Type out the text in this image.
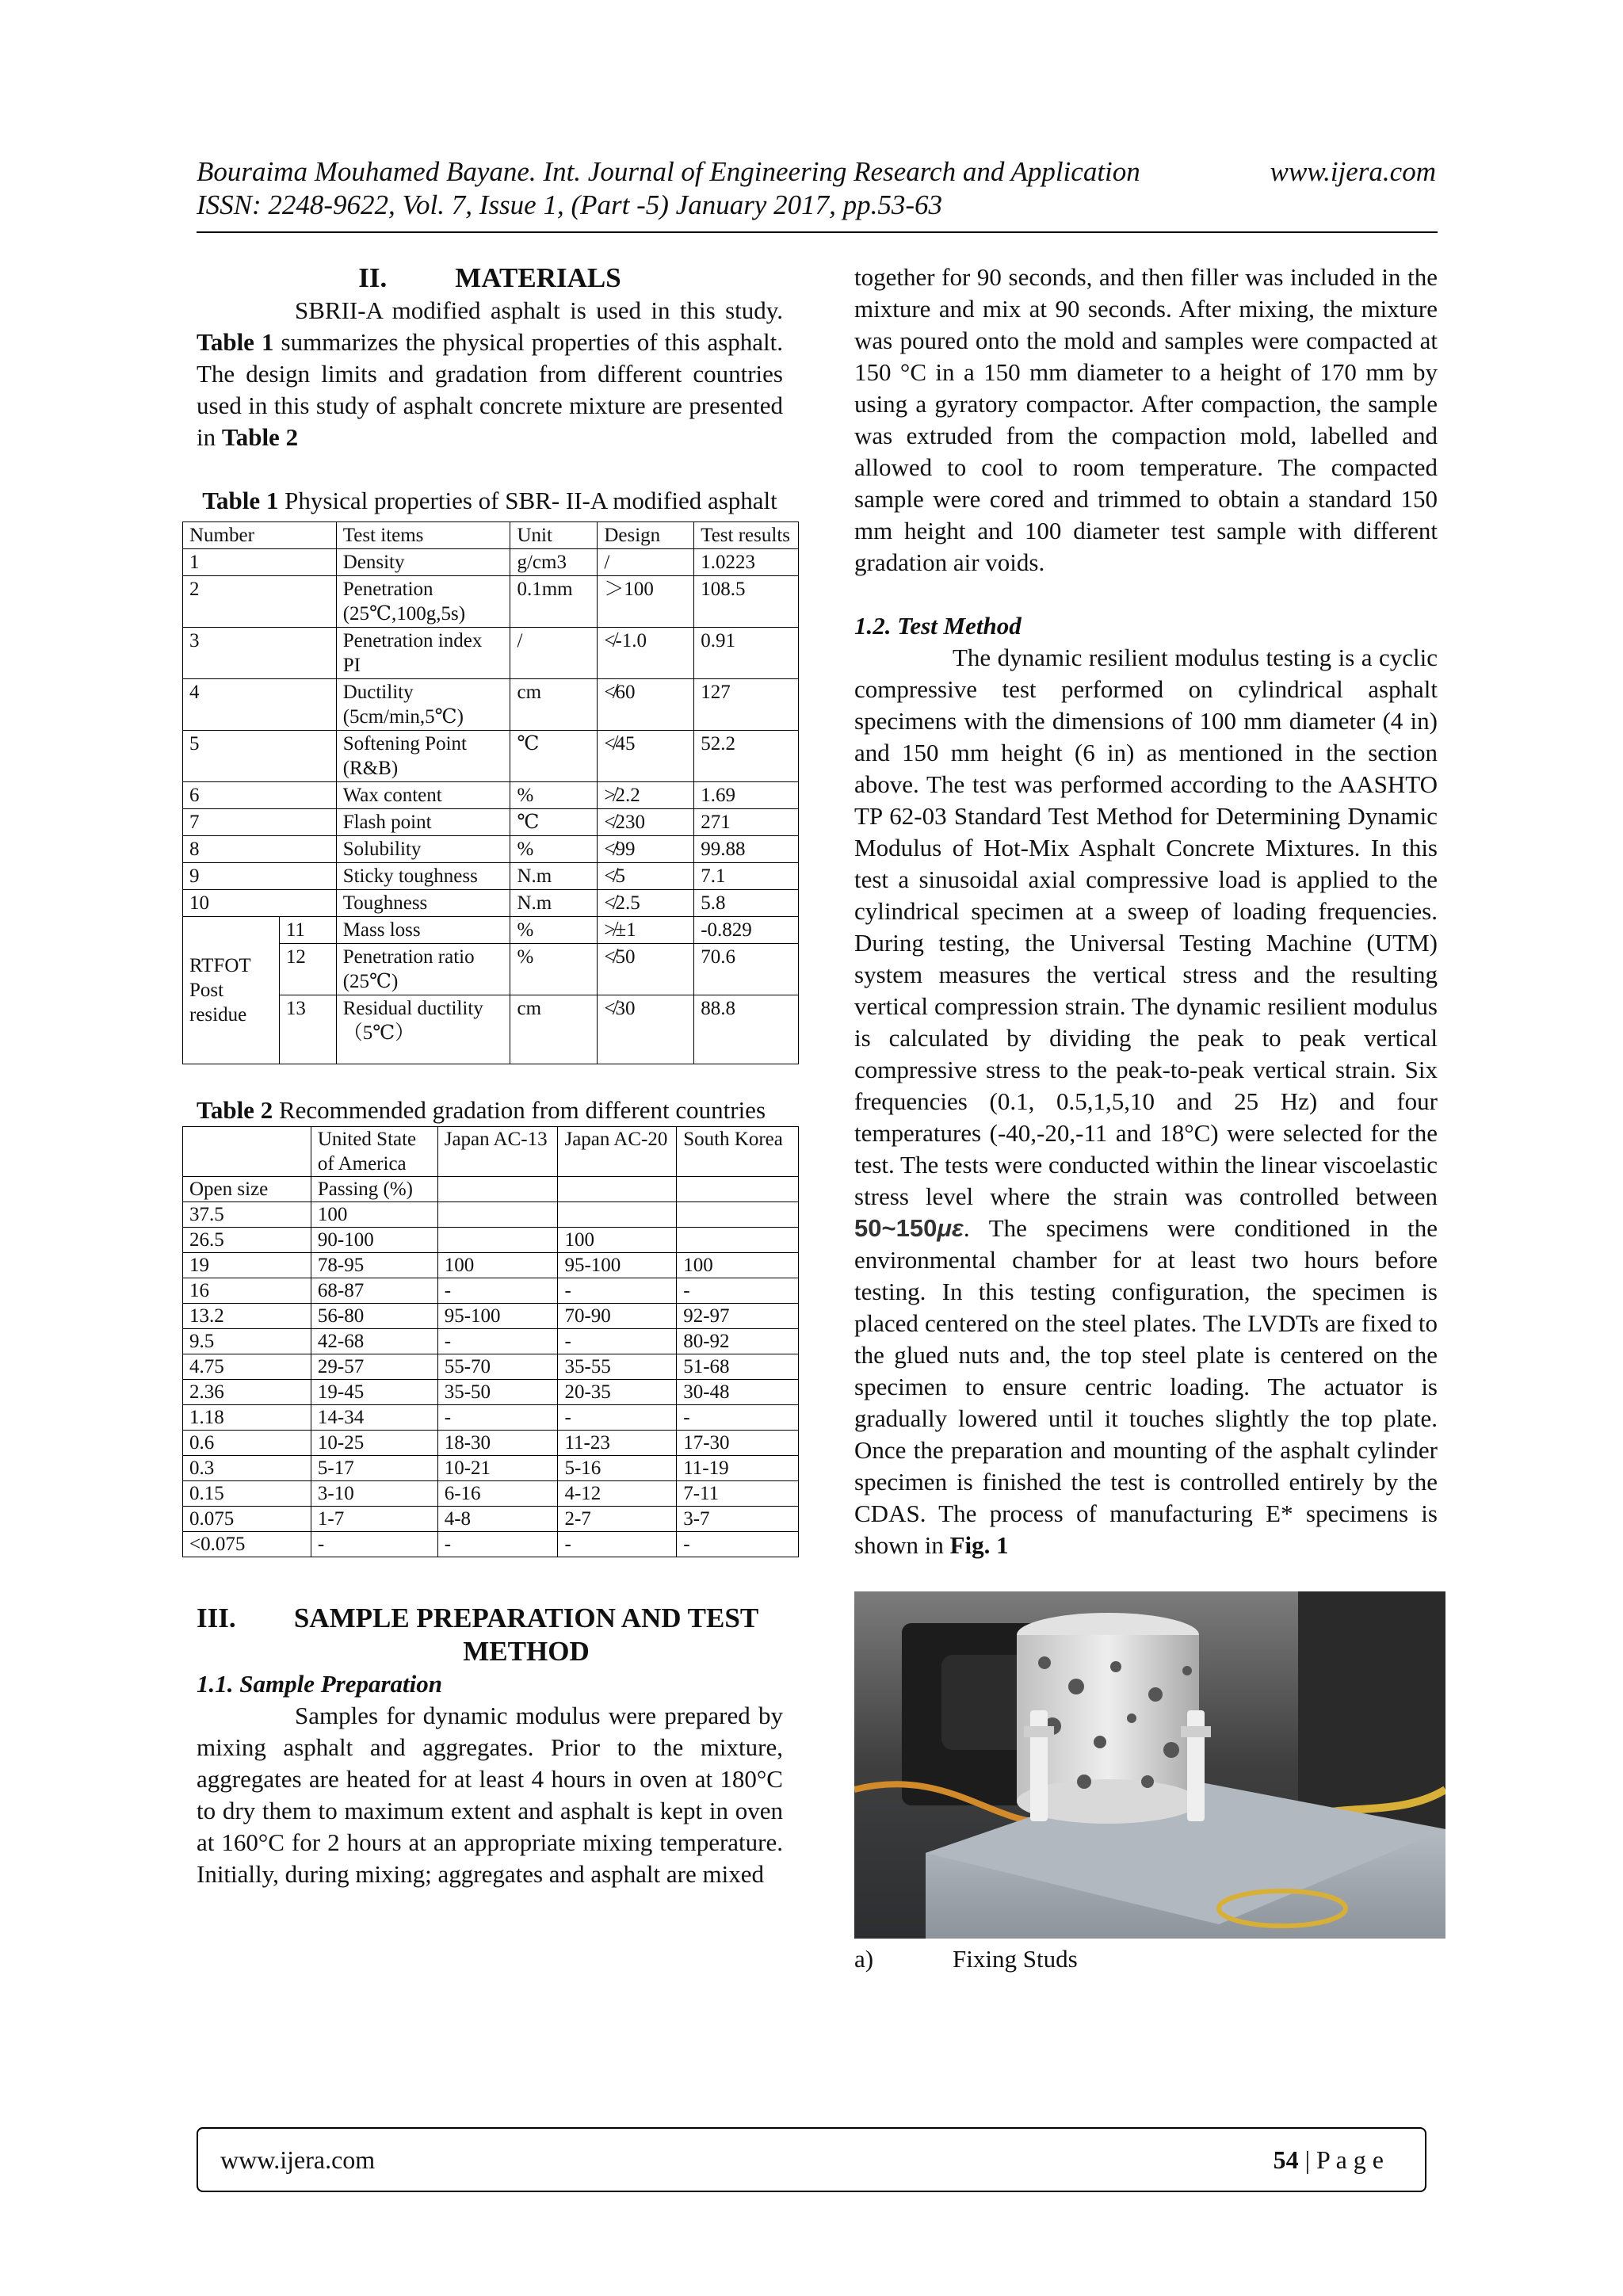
Bouraima Mouhamed Bayane. Int. Journal of Engineering Research and Application	www.ijera.com
ISSN: 2248-9622, Vol. 7, Issue 1, (Part -5) January 2017, pp.53-63

II. MATERIALS

SBRII-A modified asphalt is used in this study. Table 1 summarizes the physical properties of this asphalt. The design limits and gradation from different countries used in this study of asphalt concrete mixture are presented in Table 2

Table 1 Physical properties of SBR- II-A modified asphalt

Number		Test items	Unit	Design	Test results
1		Density	g/cm3	/	1.0223
2		Penetration (25℃,100g,5s)	0.1mm	＞100	108.5
3		Penetration index PI	/	≮-1.0	0.91
4		Ductility (5cm/min,5℃)	cm	≮60	127
5		Softening Point (R&B)	℃	≮45	52.2
6		Wax content	%	≯2.2	1.69
7		Flash point	℃	≮230	271
8		Solubility	%	≮99	99.88
9		Sticky toughness	N.m	≮5	7.1
10		Toughness	N.m	≮2.5	5.8
RTFOT Post residue	11	Mass loss	%	≯±1	-0.829
	12	Penetration ratio (25℃)	%	≮50	70.6
	13	Residual ductility （5℃）	cm	≮30	88.8

Table 2 Recommended gradation from different countries

	United State of America	Japan AC-13	Japan AC-20	South Korea
Open size	Passing (%)			
37.5	100			
26.5	90-100		100	
19	78-95	100	95-100	100
16	68-87	-	-	-
13.2	56-80	95-100	70-90	92-97
9.5	42-68	-	-	80-92
4.75	29-57	55-70	35-55	51-68
2.36	19-45	35-50	20-35	30-48
1.18	14-34	-	-	-
0.6	10-25	18-30	11-23	17-30
0.3	5-17	10-21	5-16	11-19
0.15	3-10	6-16	4-12	7-11
0.075	1-7	4-8	2-7	3-7
<0.075	-	-	-	-
III.	SAMPLE PREPARATION AND TEST METHOD

1.1. Sample Preparation

Samples for dynamic modulus were prepared by mixing asphalt and aggregates. Prior to the mixture, aggregates are heated for at least 4 hours in oven at 180°C to dry them to maximum extent and asphalt is kept in oven at 160°C for 2 hours at an appropriate mixing temperature. Initially, during mixing; aggregates and asphalt are mixed

together for 90 seconds, and then filler was included in the mixture and mix at 90 seconds. After mixing, the mixture was poured onto the mold and samples were compacted at 150 °C in a 150 mm diameter to a height of 170 mm by using a gyratory compactor. After compaction, the sample was extruded from the compaction mold, labelled and allowed to cool to room temperature. The compacted sample were cored and trimmed to obtain a standard 150 mm height and 100 diameter test sample with different gradation air voids.

1.2. Test Method

The dynamic resilient modulus testing is a cyclic compressive test performed on cylindrical asphalt specimens with the dimensions of 100 mm diameter (4 in) and 150 mm height (6 in) as mentioned in the section above. The test was performed according to the AASHTO TP 62-03 Standard Test Method for Determining Dynamic Modulus of Hot-Mix Asphalt Concrete Mixtures. In this test a sinusoidal axial compressive load is applied to the cylindrical specimen at a sweep of loading frequencies. During testing, the Universal Testing Machine (UTM) system measures the vertical stress and the resulting vertical compression strain. The dynamic resilient modulus is calculated by dividing the peak to peak vertical compressive stress to the peak-to-peak vertical strain. Six frequencies (0.1, 0.5,1,5,10 and 25 Hz) and four temperatures (-40,-20,-11 and 18°C) were selected for the test. The tests were conducted within the linear viscoelastic stress level where the strain was controlled between 50~150με. The specimens were conditioned in the environmental chamber for at least two hours before testing. In this testing configuration, the specimen is placed centered on the steel plates. The LVDTs are fixed to the glued nuts and, the top steel plate is centered on the specimen to ensure centric loading. The actuator is gradually lowered until it touches slightly the top plate. Once the preparation and mounting of the asphalt cylinder specimen is finished the test is controlled entirely by the CDAS. The process of manufacturing E* specimens is shown in Fig. 1

a)	Fixing Studs
www.ijera.com	54 | P a g e
